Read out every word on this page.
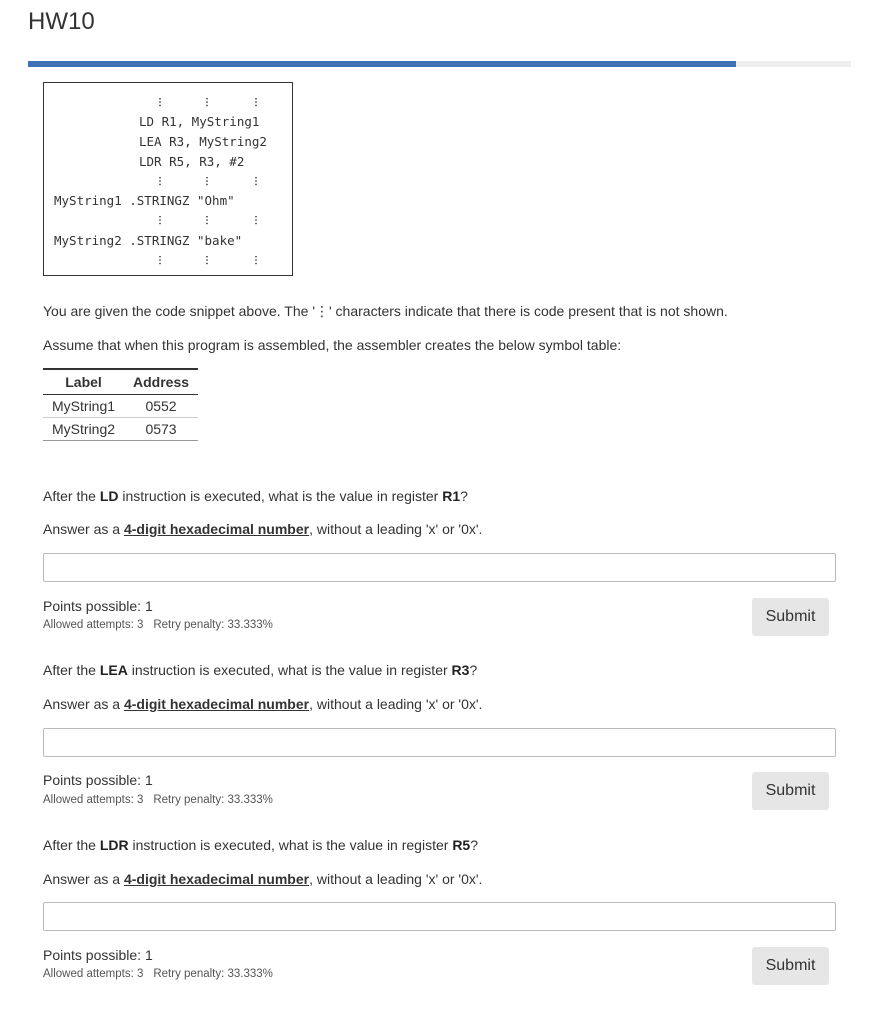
HW10
LD R1, MyString1
LEA R3, MyString2
LDR R5, R3, #2
MyString1 .STRINGZ "Ohm"
MyString2 .STRINGZ "bake"

You are given the code snippet above. The '⋮' characters indicate that there is code present that is not shown.

Assume that when this program is assembled, the assembler creates the below symbol table:

Label	Address
MyString1	0552
MyString2	0573

After the LD instruction is executed, what is the value in register R1?

Answer as a 4-digit hexadecimal number, without a leading 'x' or '0x'.

Points possible: 1
Allowed attempts: 3 Retry penalty: 33.333%	Submit

After the LEA instruction is executed, what is the value in register R3?

Answer as a 4-digit hexadecimal number, without a leading 'x' or '0x'.

Points possible: 1
Allowed attempts: 3 Retry penalty: 33.333%
Submit

After the LDR instruction is executed, what is the value in register R5?

Answer as a 4-digit hexadecimal number, without a leading 'x' or '0x'.

Points possible: 1
Allowed attempts: 3 Retry penalty: 33.333%	Submit
